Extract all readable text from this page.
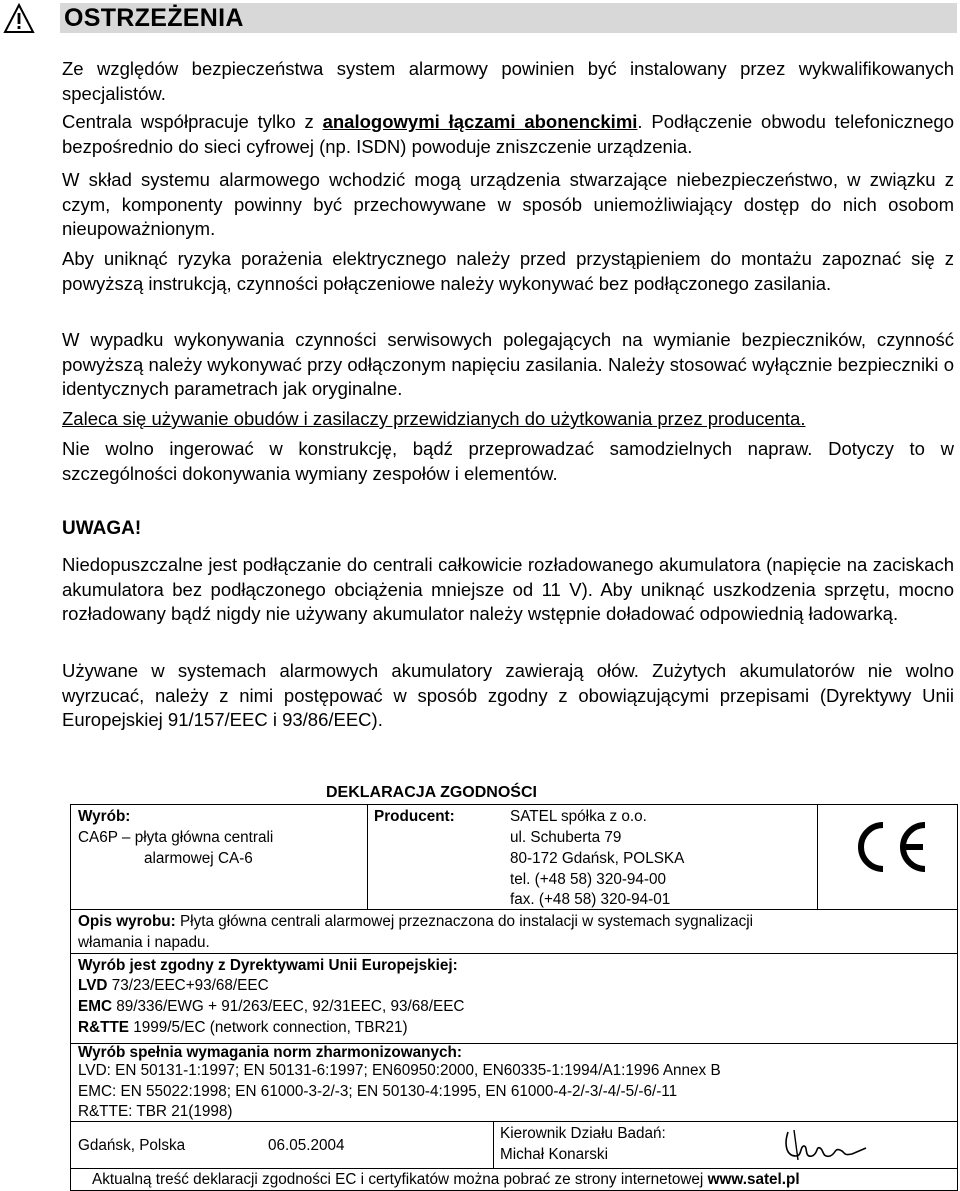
OSTRZEŻENIA

Ze względów bezpieczeństwa system alarmowy powinien być instalowany przez wykwalifikowanych specjalistów.

Centrala współpracuje tylko z analogowymi łączami abonenckimi. Podłączenie obwodu telefonicznego bezpośrednio do sieci cyfrowej (np. ISDN) powoduje zniszczenie urządzenia.

W skład systemu alarmowego wchodzić mogą urządzenia stwarzające niebezpieczeństwo, w związku z czym, komponenty powinny być przechowywane w sposób uniemożliwiający dostęp do nich osobom nieupoważnionym.

Aby uniknąć ryzyka porażenia elektrycznego należy przed przystąpieniem do montażu zapoznać się z powyższą instrukcją, czynności połączeniowe należy wykonywać bez podłączonego zasilania.

W wypadku wykonywania czynności serwisowych polegających na wymianie bezpieczników, czynność powyższą należy wykonywać przy odłączonym napięciu zasilania. Należy stosować wyłącznie bezpieczniki o identycznych parametrach jak oryginalne.

Zaleca się używanie obudów i zasilaczy przewidzianych do użytkowania przez producenta.

Nie wolno ingerować w konstrukcję, bądź przeprowadzać samodzielnych napraw. Dotyczy to w szczególności dokonywania wymiany zespołów i elementów.

UWAGA!

Niedopuszczalne jest podłączanie do centrali całkowicie rozładowanego akumulatora (napięcie na zaciskach akumulatora bez podłączonego obciążenia mniejsze od 11 V). Aby uniknąć uszkodzenia sprzętu, mocno rozładowany bądź nigdy nie używany akumulator należy wstępnie doładować odpowiednią ładowarką.

Używane w systemach alarmowych akumulatory zawierają ołów. Zużytych akumulatorów nie wolno wyrzucać, należy z nimi postępować w sposób zgodny z obowiązującymi przepisami (Dyrektywy Unii Europejskiej 91/157/EEC i 93/86/EEC).

DEKLARACJA ZGODNOŚCI
Wyrób:
CA6P – płyta główna centrali
alarmowej CA-6
Producent:	SATEL spółka z o.o.
ul. Schuberta 79
80-172 Gdańsk, POLSKA
tel. (+48 58) 320-94-00
fax. (+48 58) 320-94-01
Opis wyrobu: Płyta główna centrali alarmowej przeznaczona do instalacji w systemach sygnalizacji
włamania i napadu.
Wyrób jest zgodny z Dyrektywami Unii Europejskiej:
LVD 73/23/EEC+93/68/EEC
EMC 89/336/EWG + 91/263/EEC, 92/31EEC, 93/68/EEC
R&TTE 1999/5/EC (network connection, TBR21)
Wyrób spełnia wymagania norm zharmonizowanych:
LVD: EN 50131-1:1997; EN 50131-6:1997; EN60950:2000, EN60335-1:1994/A1:1996 Annex B
EMC: EN 55022:1998; EN 61000-3-2/-3; EN 50130-4:1995, EN 61000-4-2/-3/-4/-5/-6/-11
R&TTE: TBR 21(1998)
Gdańsk, Polska	06.05.2004
Kierownik Działu Badań:
Michał Konarski
Aktualną treść deklaracji zgodności EC i certyfikatów można pobrać ze strony internetowej www.satel.pl
